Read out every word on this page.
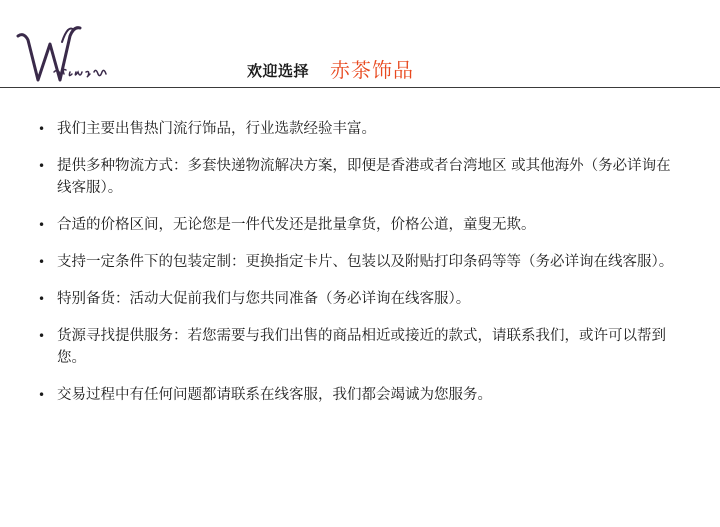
欢迎选择 赤茶饰品
• 我们主要出售热门流行饰品，行业选款经验丰富。
• 提供多种物流方式：多套快递物流解决方案，即便是香港或者台湾地区 或其他海外（务必详询在线客服）。
• 合适的价格区间，无论您是一件代发还是批量拿货，价格公道，童叟无欺。
• 支持一定条件下的包装定制：更换指定卡片、包装以及附贴打印条码等等（务必详询在线客服）。
• 特别备货：活动大促前我们与您共同准备（务必详询在线客服）。
• 货源寻找提供服务：若您需要与我们出售的商品相近或接近的款式，请联系我们，或许可以帮到您。
• 交易过程中有任何问题都请联系在线客服，我们都会竭诚为您服务。
